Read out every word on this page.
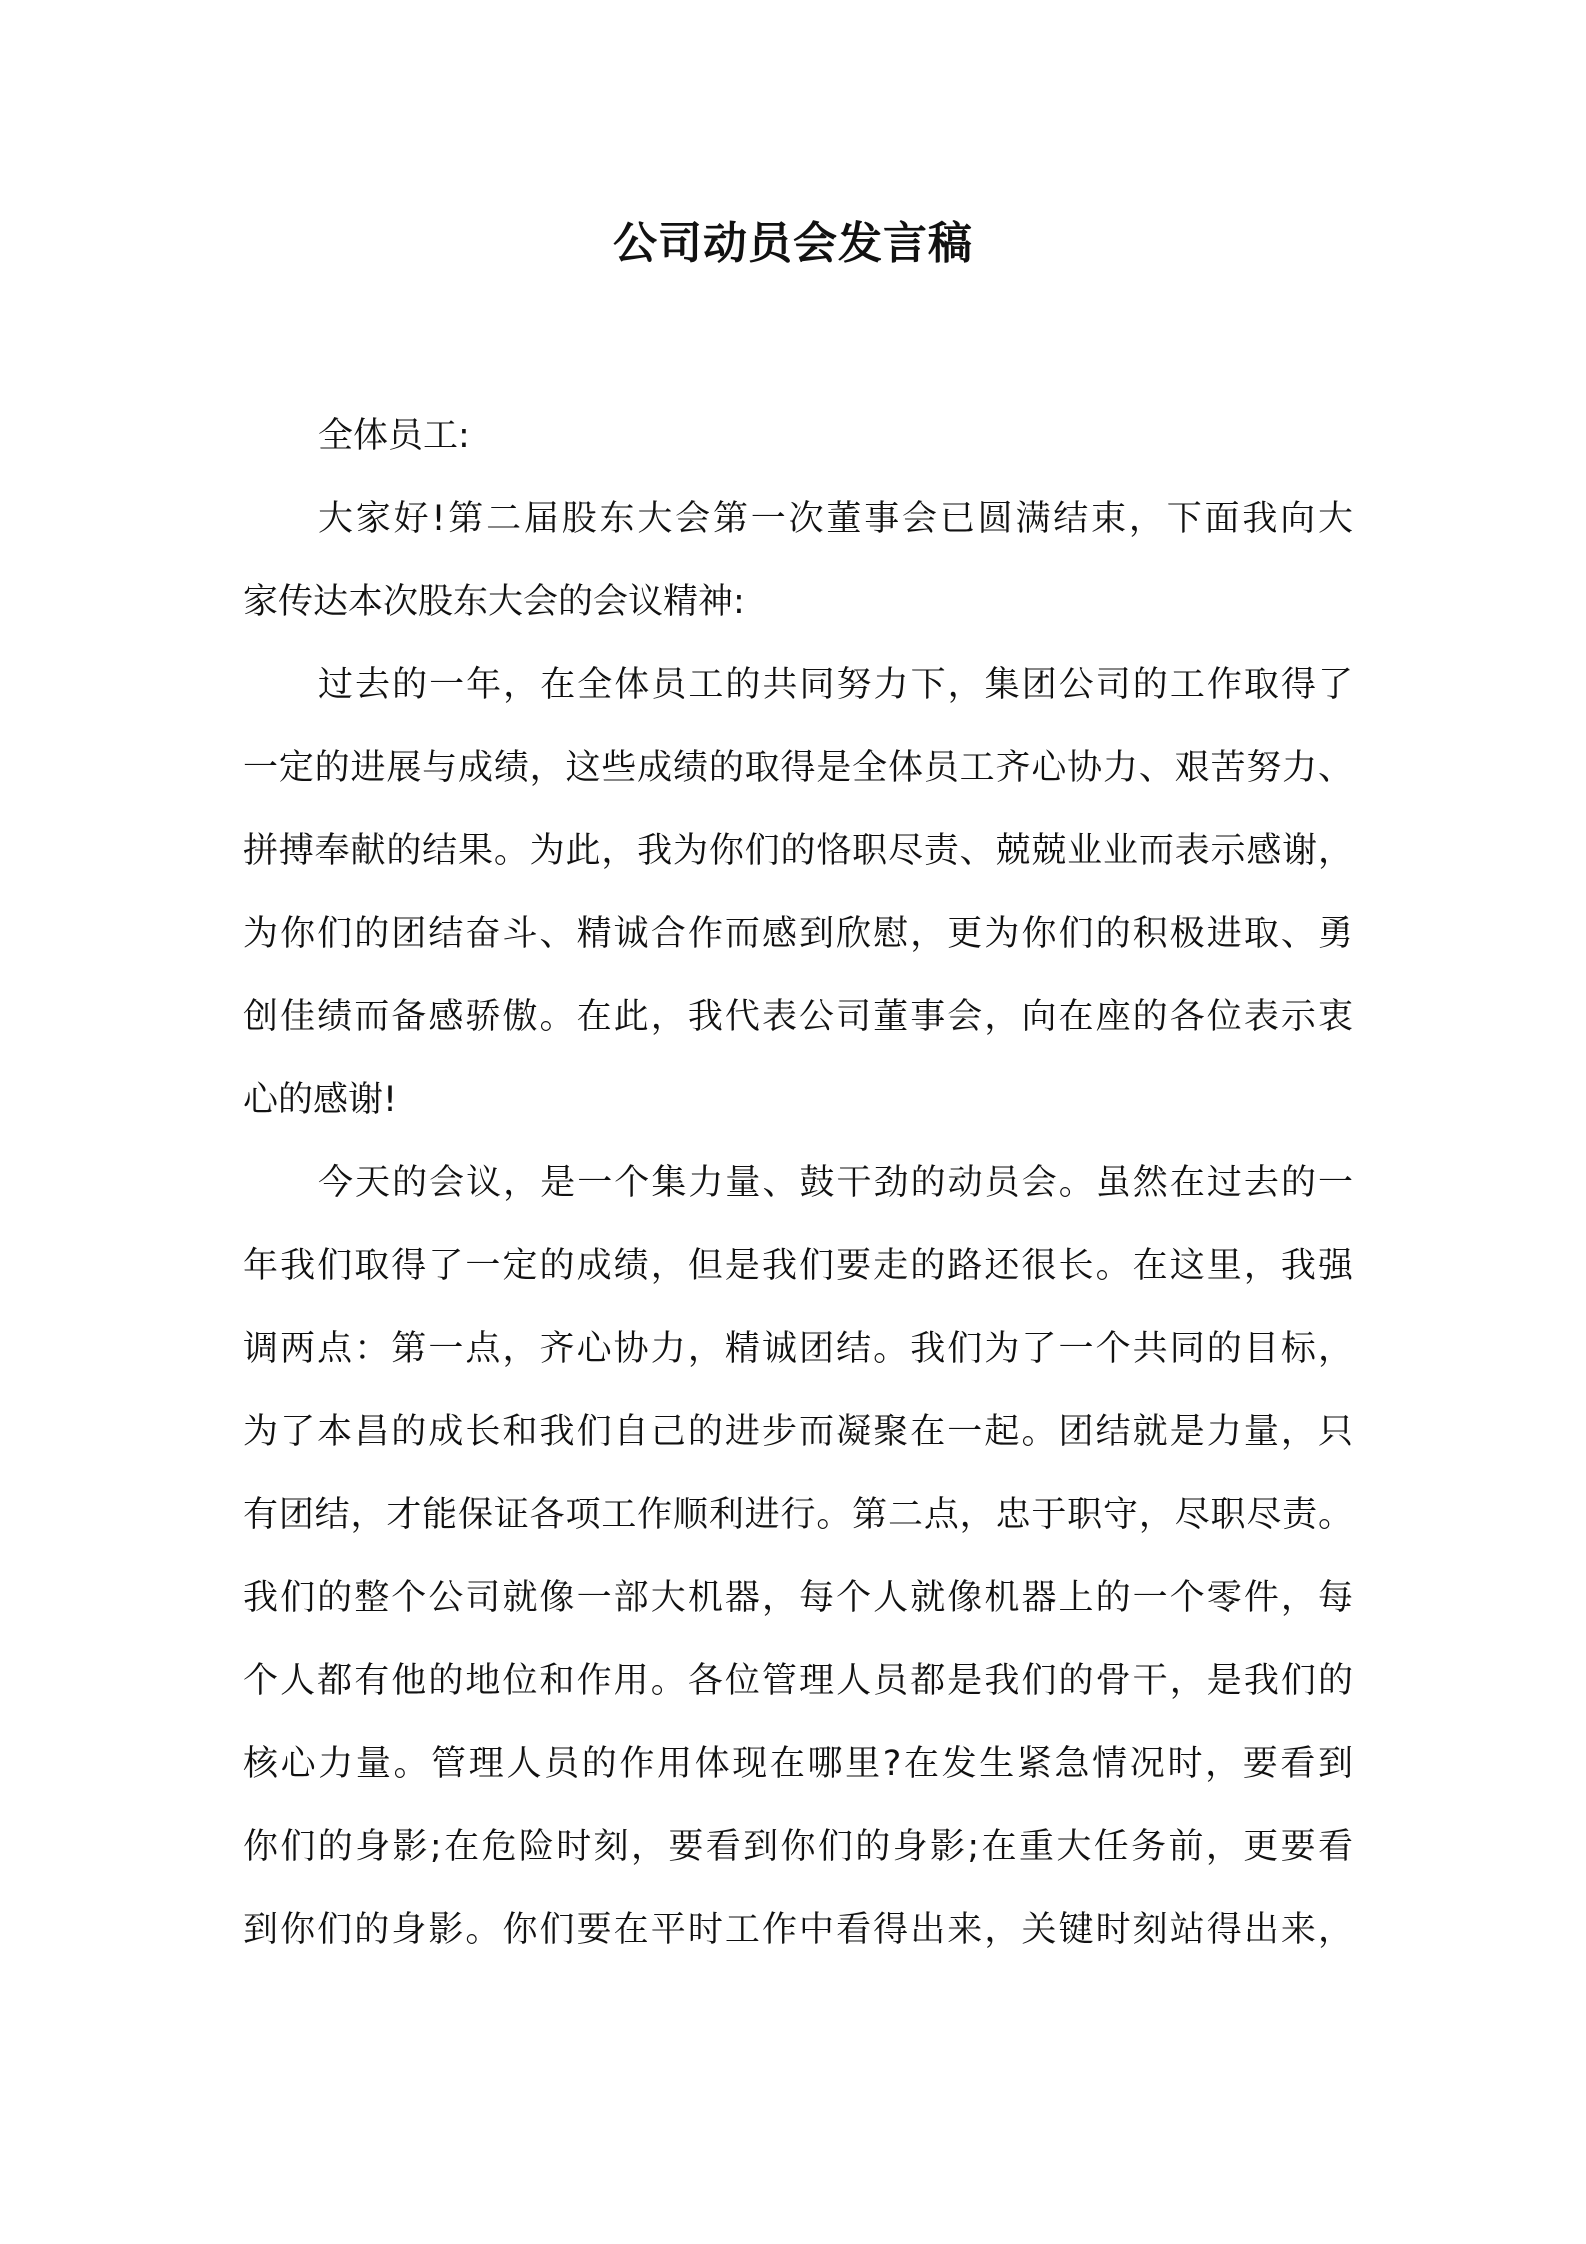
公司动员会发言稿

全体员工:

大家好!第二届股东大会第一次董事会已圆满结束，下面我向大
家传达本次股东大会的会议精神:

过去的一年，在全体员工的共同努力下，集团公司的工作取得了
一定的进展与成绩，这些成绩的取得是全体员工齐心协力、艰苦努力、
拼搏奉献的结果。为此，我为你们的恪职尽责、兢兢业业而表示感谢，
为你们的团结奋斗、精诚合作而感到欣慰，更为你们的积极进取、勇
创佳绩而备感骄傲。在此，我代表公司董事会，向在座的各位表示衷
心的感谢!

今天的会议，是一个集力量、鼓干劲的动员会。虽然在过去的一
年我们取得了一定的成绩，但是我们要走的路还很长。在这里，我强
调两点：第一点，齐心协力，精诚团结。我们为了一个共同的目标，
为了本昌的成长和我们自己的进步而凝聚在一起。团结就是力量，只
有团结，才能保证各项工作顺利进行。第二点，忠于职守，尽职尽责。
我们的整个公司就像一部大机器，每个人就像机器上的一个零件，每
个人都有他的地位和作用。各位管理人员都是我们的骨干，是我们的
核心力量。管理人员的作用体现在哪里?在发生紧急情况时，要看到
你们的身影;在危险时刻，要看到你们的身影;在重大任务前，更要看
到你们的身影。你们要在平时工作中看得出来，关键时刻站得出来，
